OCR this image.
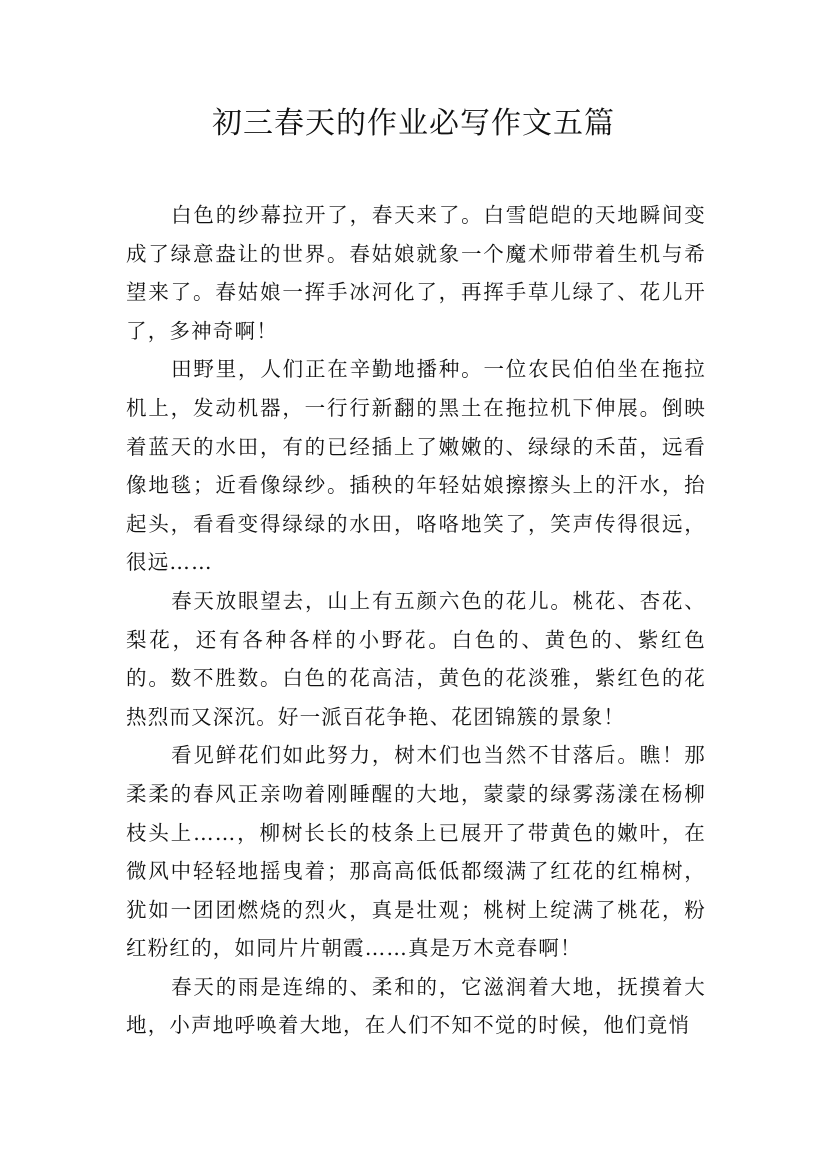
初三春天的作业必写作文五篇

白色的纱幕拉开了，春天来了。白雪皑皑的天地瞬间变成了绿意盎让的世界。春姑娘就象一个魔术师带着生机与希望来了。春姑娘一挥手冰河化了，再挥手草儿绿了、花儿开了，多神奇啊！

田野里，人们正在辛勤地播种。一位农民伯伯坐在拖拉机上，发动机器，一行行新翻的黑土在拖拉机下伸展。倒映着蓝天的水田，有的已经插上了嫩嫩的、绿绿的禾苗，远看像地毯；近看像绿纱。插秧的年轻姑娘擦擦头上的汗水，抬起头，看看变得绿绿的水田，咯咯地笑了，笑声传得很远，很远……

春天放眼望去，山上有五颜六色的花儿。桃花、杏花、梨花，还有各种各样的小野花。白色的、黄色的、紫红色的。数不胜数。白色的花高洁，黄色的花淡雅，紫红色的花热烈而又深沉。好一派百花争艳、花团锦簇的景象！

看见鲜花们如此努力，树木们也当然不甘落后。瞧！那柔柔的春风正亲吻着刚睡醒的大地，蒙蒙的绿雾荡漾在杨柳枝头上……，柳树长长的枝条上已展开了带黄色的嫩叶，在微风中轻轻地摇曳着；那高高低低都缀满了红花的红棉树，犹如一团团燃烧的烈火，真是壮观；桃树上绽满了桃花，粉红粉红的，如同片片朝霞……真是万木竞春啊！

春天的雨是连绵的、柔和的，它滋润着大地，抚摸着大地，小声地呼唤着大地，在人们不知不觉的时候，他们竟悄
